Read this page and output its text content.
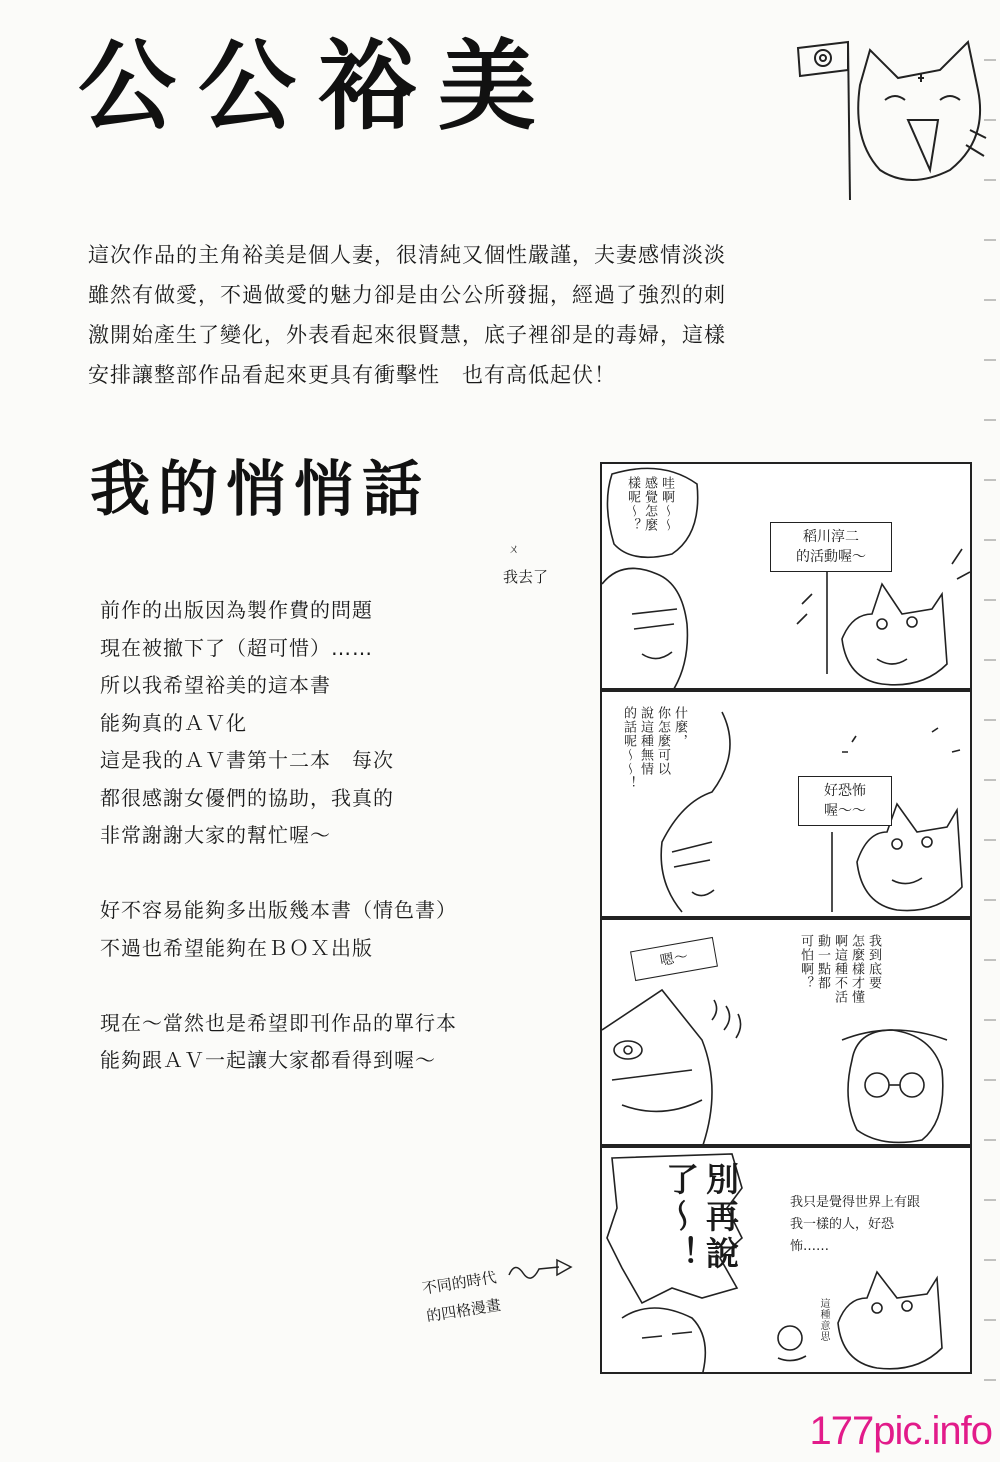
公公裕美
這次作品的主角裕美是個人妻，很清純又個性嚴謹，夫妻感情淡淡
雖然有做愛，不過做愛的魅力卻是由公公所發掘，經過了強烈的刺
激開始產生了變化，外表看起來很賢慧，底子裡卻是的毒婦，這樣
安排讓整部作品看起來更具有衝擊性　也有高低起伏！
我的悄悄話
ㄨ
我去了
前作的出版因為製作費的問題
現在被撤下了（超可惜）……
所以我希望裕美的這本書
能夠真的ＡＶ化
這是我的ＡＶ書第十二本　每次
都很感謝女優們的協助，我真的
非常謝謝大家的幫忙喔～
好不容易能夠多出版幾本書（情色書）
不過也希望能夠在ＢＯＸ出版
現在～當然也是希望即刊作品的單行本
能夠跟ＡＶ一起讓大家都看得到喔～
不同的時代
的四格漫畫
哇啊～～
感覺怎麼
樣呢～？
稻川淳二
的活動喔～
什麼，
你怎麼可以
說這種無情
的話呢～～！
好恐怖
喔～～
嗯～	我到底要
怎麼樣才懂
啊這種不活
動一點都
可怕啊？
別再說
了～！	我只是覺得世界上有跟我一樣的人，好恐怖……
這種意思
177pic.info
